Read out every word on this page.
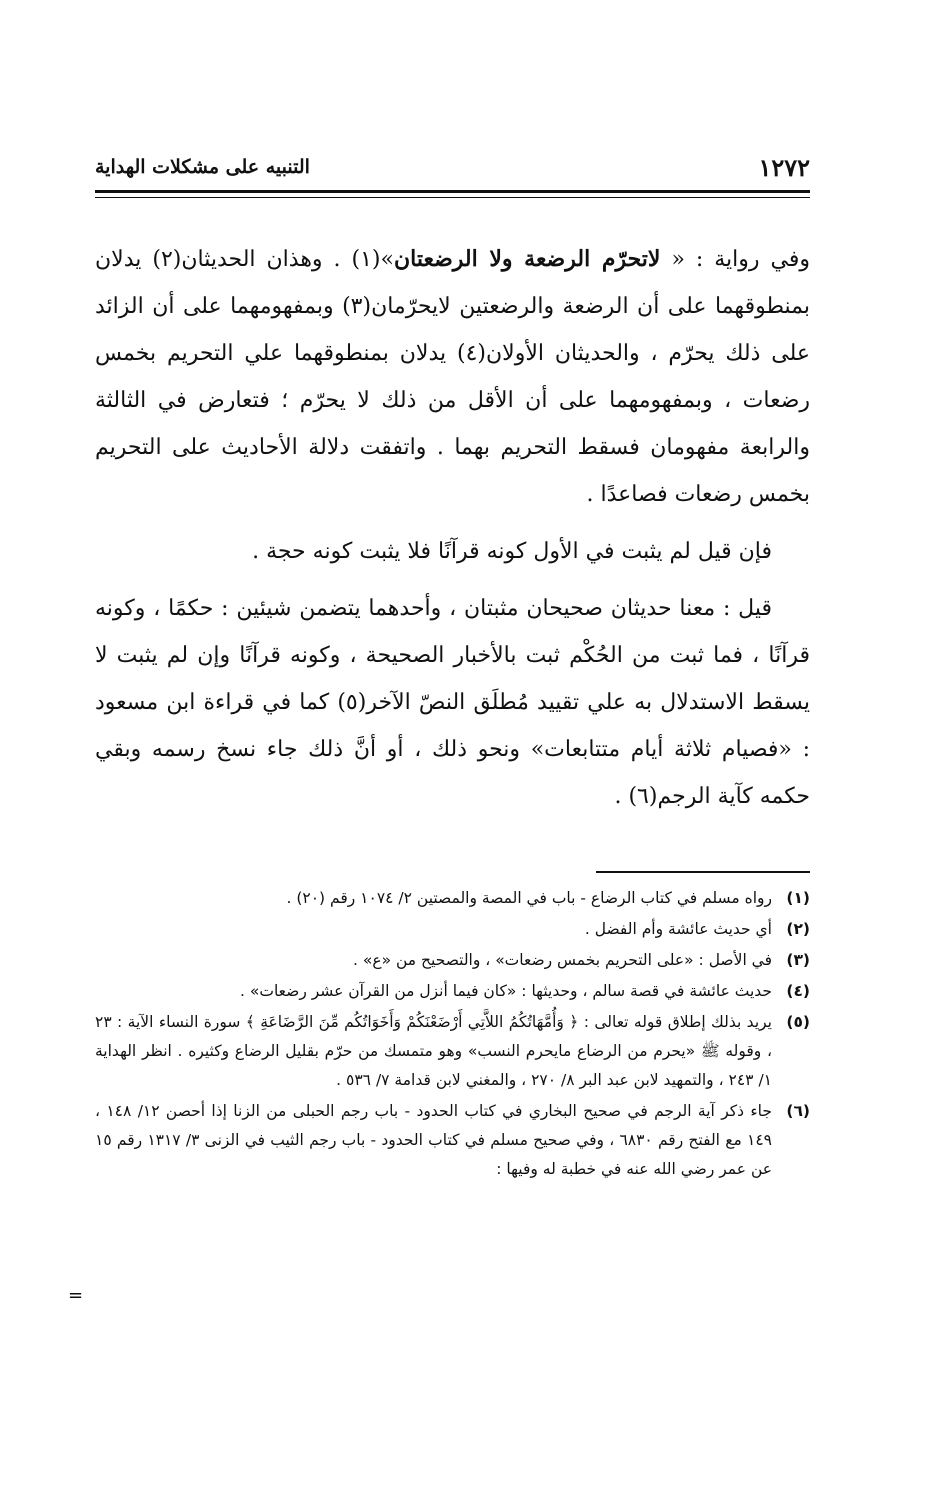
١٢٧٢
التنبيه على مشكلات الهداية

وفي رواية : « لاتحرّم الرضعة ولا الرضعتان»(١) . وهذان الحديثان(٢) يدلان بمنطوقهما على أن الرضعة والرضعتين لايحرّمان(٣) وبمفهومهما على أن الزائد على ذلك يحرّم ، والحديثان الأولان(٤) يدلان بمنطوقهما علي التحريم بخمس رضعات ، وبمفهومهما على أن الأقل من ذلك لا يحرّم ؛ فتعارض في الثالثة والرابعة مفهومان فسقط التحريم بهما . واتفقت دلالة الأحاديث على التحريم بخمس رضعات فصاعدًا .

فإن قيل لم يثبت في الأول كونه قرآنًا فلا يثبت كونه حجة .

قيل : معنا حديثان صحيحان مثبتان ، وأحدهما يتضمن شيئين : حكمًا ، وكونه قرآنًا ، فما ثبت من الحُكْم ثبت بالأخبار الصحيحة ، وكونه قرآنًا وإن لم يثبت لا يسقط الاستدلال به علي تقييد مُطلَق النصّ الآخر(٥) كما في قراءة ابن مسعود : «فصيام ثلاثة أيام متتابعات» ونحو ذلك ، أو أنَّ ذلك جاء نسخ رسمه وبقي حكمه كآية الرجم(٦) .

(١)
رواه مسلم في كتاب الرضاع - باب في المصة والمصتين ٢/ ١٠٧٤ رقم (٢٠) .
(٢)
أي حديث عائشة وأم الفضل .
(٣)
في الأصل : «على التحريم بخمس رضعات» ، والتصحيح من «ع» .
(٤)
حديث عائشة في قصة سالم ، وحديثها : «كان فيما أنزل من القرآن عشر رضعات» .
(٥)
يريد بذلك إطلاق قوله تعالى : ﴿ وَأُمَّهَاتُكُمُ اللاَّتِي أَرْضَعْنَكُمْ وَأَخَوَاتُكُم مِّنَ الرَّضَاعَةِ ﴾ سورة النساء الآية : ٢٣ ، وقوله ﷺ «يحرم من الرضاع مايحرم النسب» وهو متمسك من حرّم بقليل الرضاع وكثيره . انظر الهداية ١/ ٢٤٣ ، والتمهيد لابن عبد البر ٨/ ٢٧٠ ، والمغني لابن قدامة ٧/ ٥٣٦ .
(٦)
جاء ذكر آية الرجم في صحيح البخاري في كتاب الحدود - باب رجم الحبلى من الزنا إذا أحصن ١٢/ ١٤٨ ، ١٤٩ مع الفتح رقم ٦٨٣٠ ، وفي صحيح مسلم في كتاب الحدود - باب رجم الثيب في الزنى ٣/ ١٣١٧ رقم ١٥ عن عمر رضي الله عنه في خطبة له وفيها :
=
